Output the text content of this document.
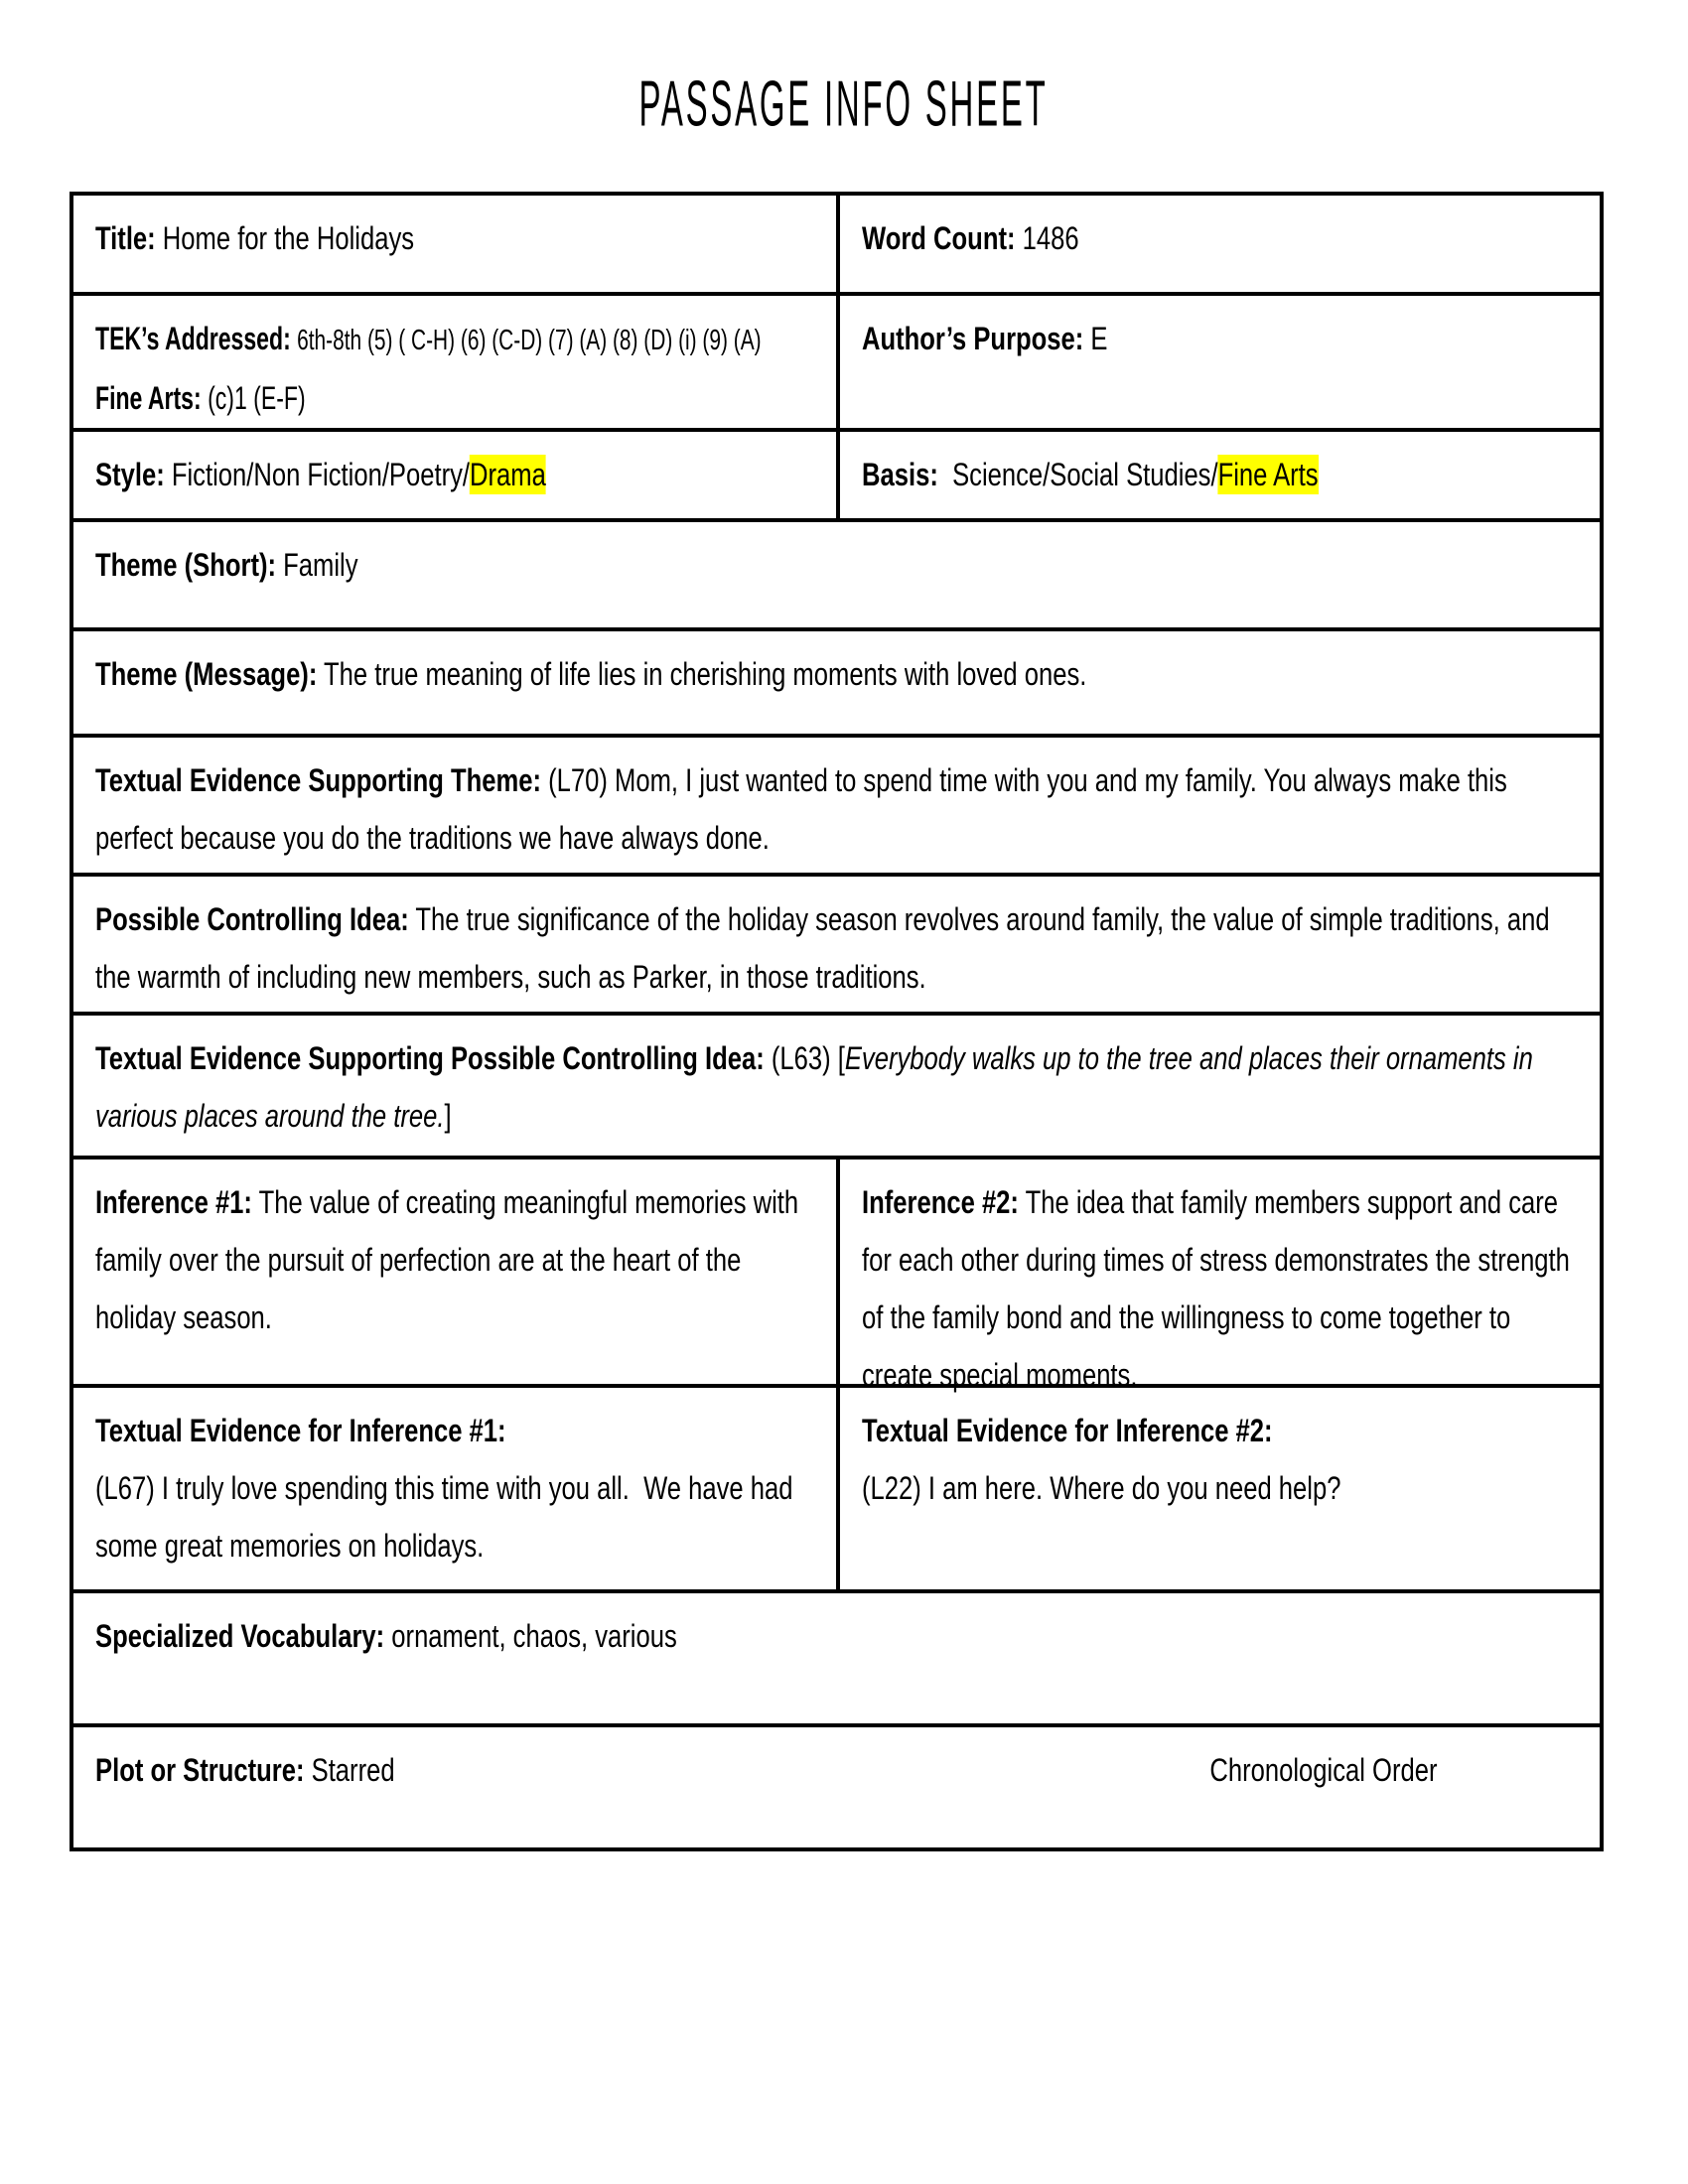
PASSAGE INFO SHEET
Title: Home for the Holidays	Word Count: 1486
TEK’s Addressed: 6th-8th (5) ( C-H) (6) (C-D) (7) (A) (8) (D) (i) (9) (A)
Fine Arts: (c)1 (E-F)
Author’s Purpose: E
Style: Fiction/Non Fiction/Poetry/Drama	Basis:  Science/Social Studies/Fine Arts
Theme (Short): Family
Theme (Message): The true meaning of life lies in cherishing moments with loved ones.
Textual Evidence Supporting Theme: (L70) Mom, I just wanted to spend time with you and my family. You always make this perfect because you do the traditions we have always done.
Possible Controlling Idea: The true significance of the holiday season revolves around family, the value of simple traditions, and the warmth of including new members, such as Parker, in those traditions.
Textual Evidence Supporting Possible Controlling Idea: (L63) [Everybody walks up to the tree and places their ornaments in various places around the tree.]
Inference #1: The value of creating meaningful memories with family over the pursuit of perfection are at the heart of the holiday season.
Inference #2: The idea that family members support and care for each other during times of stress demonstrates the strength of the family bond and the willingness to come together to create special moments.
Textual Evidence for Inference #1:
(L67) I truly love spending this time with you all.  We have had some great memories on holidays.
Textual Evidence for Inference #2:
(L22) I am here. Where do you need help?
Specialized Vocabulary: ornament, chaos, various
Plot or Structure: Starred	Chronological Order
